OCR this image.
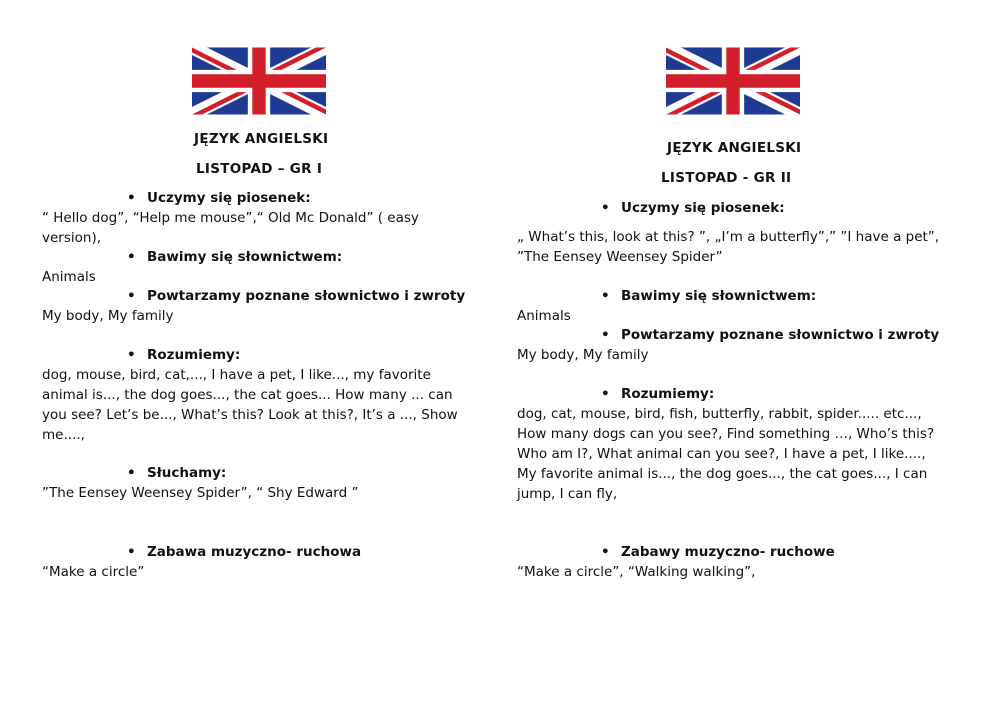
JĘZYK ANGIELSKI
LISTOPAD – GR I
• Uczymy się piosenek:
“ Hello dog”, “Help me mouse”,“ Old Mc Donald” ( easy version),
• Bawimy się słownictwem:
Animals
• Powtarzamy poznane słownictwo i zwroty
My body, My family
• Rozumiemy:
dog, mouse, bird, cat,..., I have a pet, I like..., my favorite animal is..., the dog goes..., the cat goes... How many ... can you see? Let’s be..., What’s this? Look at this?, It’s a ..., Show me....,
• Słuchamy:
”The Eensey Weensey Spider”, “ Shy Edward ”
• Zabawa muzyczno- ruchowa
“Make a circle”
JĘZYK ANGIELSKI
LISTOPAD - GR II
• Uczymy się piosenek:
„ What’s this, look at this? ”, „I’m a butterfly”,” ”I have a pet”, ”The Eensey Weensey Spider”
• Bawimy się słownictwem:
Animals
• Powtarzamy poznane słownictwo i zwroty
My body, My family
• Rozumiemy:
dog, cat, mouse, bird, fish, butterfly, rabbit, spider..... etc..., How many dogs can you see?, Find something …, Who’s this? Who am I?, What animal can you see?, I have a pet, I like...., My favorite animal is..., the dog goes..., the cat goes..., I can jump, I can fly,
• Zabawy muzyczno- ruchowe
“Make a circle”, “Walking walking”,
